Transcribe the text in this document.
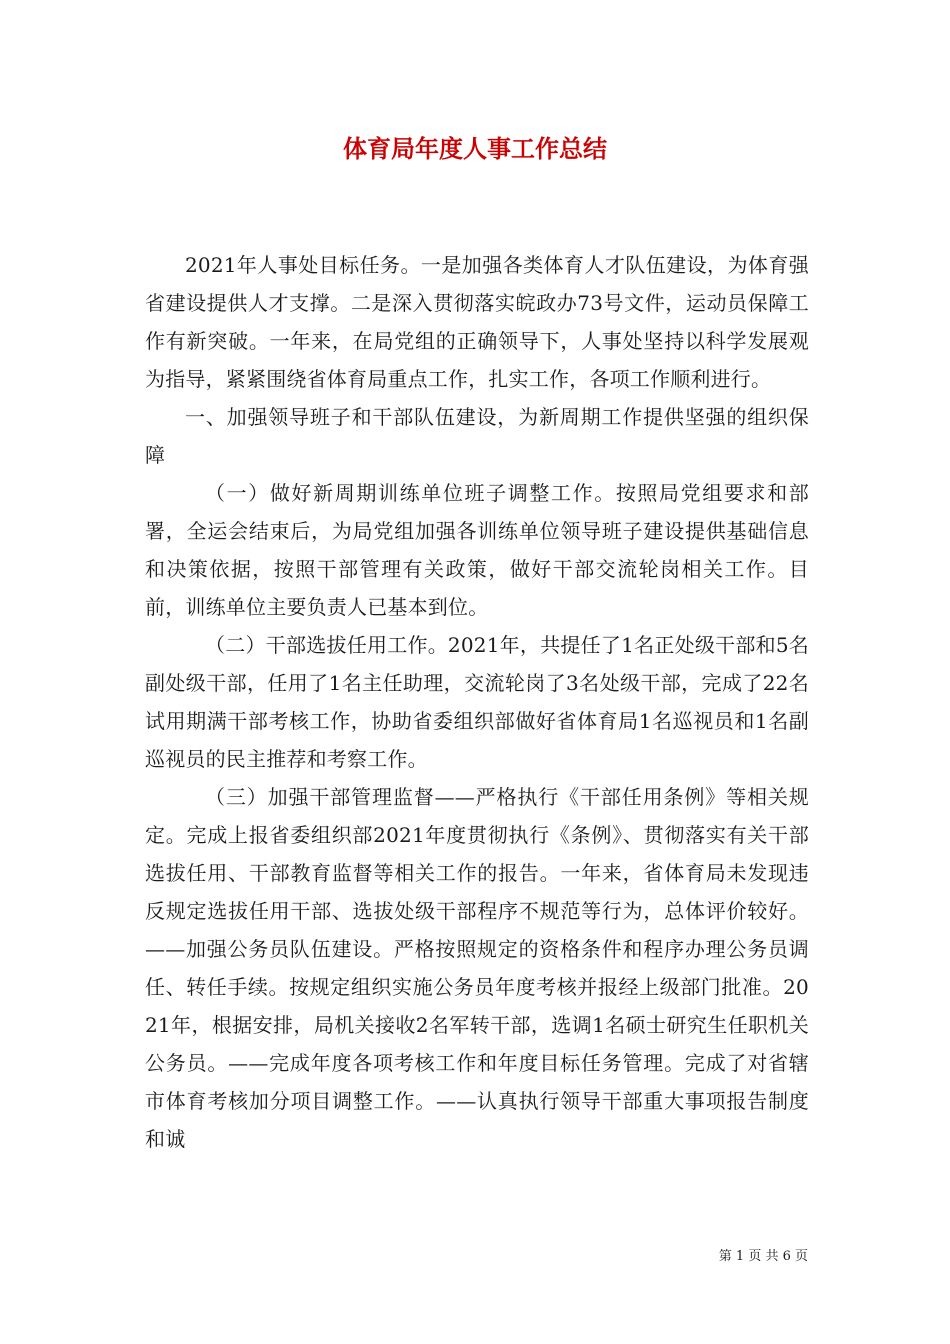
体育局年度人事工作总结

2021年人事处目标任务。一是加强各类体育人才队伍建设，为体育强省建设提供人才支撑。二是深入贯彻落实皖政办73号文件，运动员保障工作有新突破。一年来，在局党组的正确领导下，人事处坚持以科学发展观为指导，紧紧围绕省体育局重点工作，扎实工作，各项工作顺利进行。

一、加强领导班子和干部队伍建设，为新周期工作提供坚强的组织保障

（一）做好新周期训练单位班子调整工作。按照局党组要求和部署，全运会结束后，为局党组加强各训练单位领导班子建设提供基础信息和决策依据，按照干部管理有关政策，做好干部交流轮岗相关工作。目前，训练单位主要负责人已基本到位。

（二）干部选拔任用工作。2021年，共提任了1名正处级干部和5名副处级干部，任用了1名主任助理，交流轮岗了3名处级干部，完成了22名试用期满干部考核工作，协助省委组织部做好省体育局1名巡视员和1名副巡视员的民主推荐和考察工作。

（三）加强干部管理监督——严格执行《干部任用条例》等相关规定。完成上报省委组织部2021年度贯彻执行《条例》、贯彻落实有关干部选拔任用、干部教育监督等相关工作的报告。一年来，省体育局未发现违反规定选拔任用干部、选拔处级干部程序不规范等行为，总体评价较好。——加强公务员队伍建设。严格按照规定的资格条件和程序办理公务员调任、转任手续。按规定组织实施公务员年度考核并报经上级部门批准。2021年，根据安排，局机关接收2名军转干部，选调1名硕士研究生任职机关公务员。——完成年度各项考核工作和年度目标任务管理。完成了对省辖市体育考核加分项目调整工作。——认真执行领导干部重大事项报告制度和诚

第 1 页 共 6 页
